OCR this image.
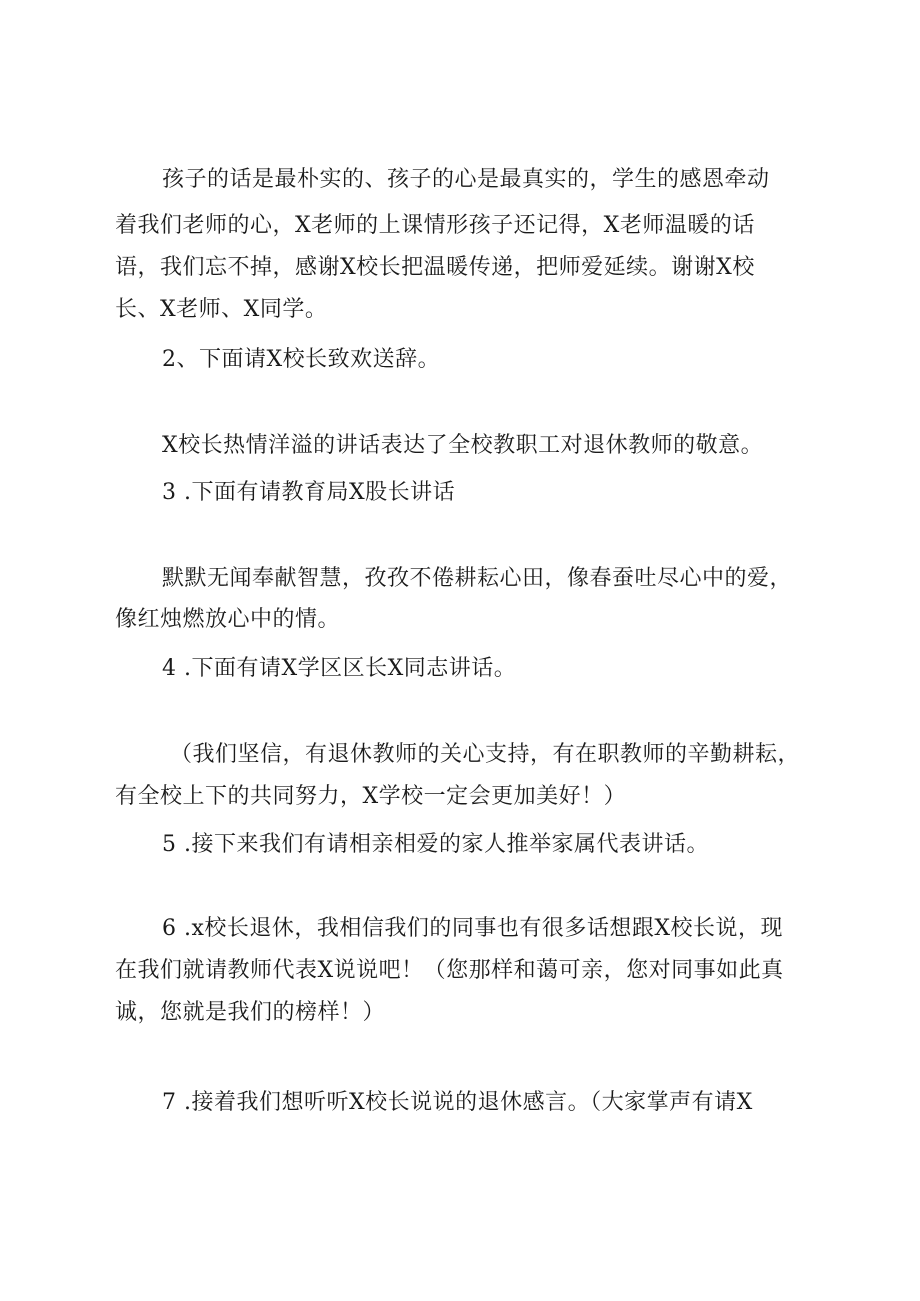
孩子的话是最朴实的、孩子的心是最真实的，学生的感恩牵动
着我们老师的心，X老师的上课情形孩子还记得，X老师温暖的话
语，我们忘不掉，感谢X校长把温暖传递，把师爱延续。谢谢X校
长、X老师、X同学。
2、下面请X校长致欢送辞。
X校长热情洋溢的讲话表达了全校教职工对退休教师的敬意。
3 .下面有请教育局X股长讲话
默默无闻奉献智慧，孜孜不倦耕耘心田，像春蚕吐尽心中的爱，
像红烛燃放心中的情。
4 .下面有请X学区区长X同志讲话。
（我们坚信，有退休教师的关心支持，有在职教师的辛勤耕耘，
有全校上下的共同努力，X学校一定会更加美好！）
5 .接下来我们有请相亲相爱的家人推举家属代表讲话。
6 .x校长退休，我相信我们的同事也有很多话想跟X校长说，现
在我们就请教师代表X说说吧！（您那样和蔼可亲，您对同事如此真
诚，您就是我们的榜样！）
7 .接着我们想听听X校长说说的退休感言。（大家掌声有请X
